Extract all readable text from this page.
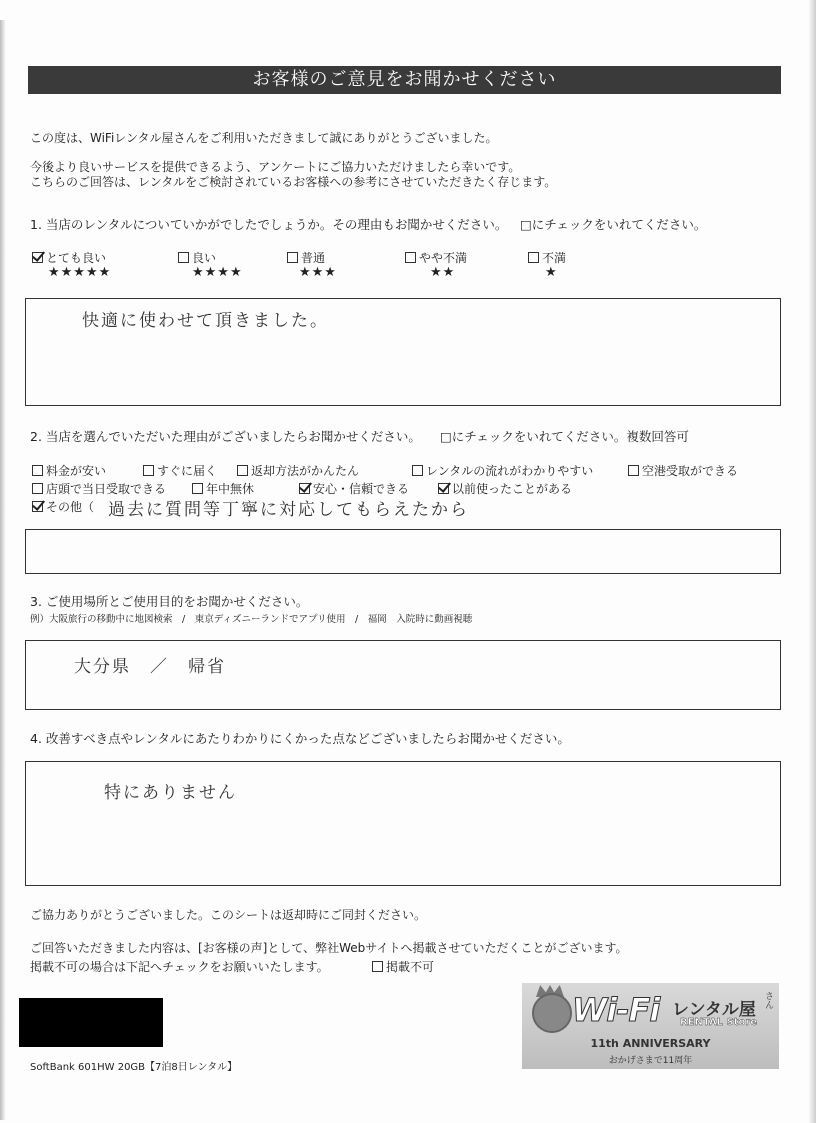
お客様のご意見をお聞かせください
この度は、WiFiレンタル屋さんをご利用いただきまして誠にありがとうございました。
今後より良いサービスを提供できるよう、アンケートにご協力いただけましたら幸いです。
こちらのご回答は、レンタルをご検討されているお客様への参考にさせていただきたく存じます。
1. 当店のレンタルについていかがでしたでしょうか。その理由もお聞かせください。 □にチェックをいれてください。
とても良い
★★★★★
良い
★★★★
普通
★★★
やや不満
★★
不満
★
快適に使わせて頂きました。
2. 当店を選んでいただいた理由がございましたらお聞かせください。 □にチェックをいれてください。複数回答可
料金が安い	すぐに届く	返却方法がかんたん	レンタルの流れがわかりやすい	空港受取ができる
店頭で当日受取できる	年中無休	安心・信頼できる	以前使ったことがある
その他（ 過去に質問等丁寧に対応してもらえたから
3. ご使用場所とご使用目的をお聞かせください。
例）大阪旅行の移動中に地図検索　/　東京ディズニーランドでアプリ使用　/　福岡　入院時に動画視聴
大分県　／　帰省
4. 改善すべき点やレンタルにあたりわかりにくかった点などございましたらお聞かせください。
特にありません
ご協力ありがとうございました。このシートは返却時にご同封ください。
ご回答いただきました内容は、[お客様の声]として、弊社Webサイトへ掲載させていただくことがございます。
掲載不可の場合は下記へチェックをお願いいたします。	掲載不可
SoftBank 601HW 20GB【7泊8日レンタル】
Wi-Fi レンタル屋 さん
RENTAL Store
11th ANNIVERSARY
おかげさまで11周年
